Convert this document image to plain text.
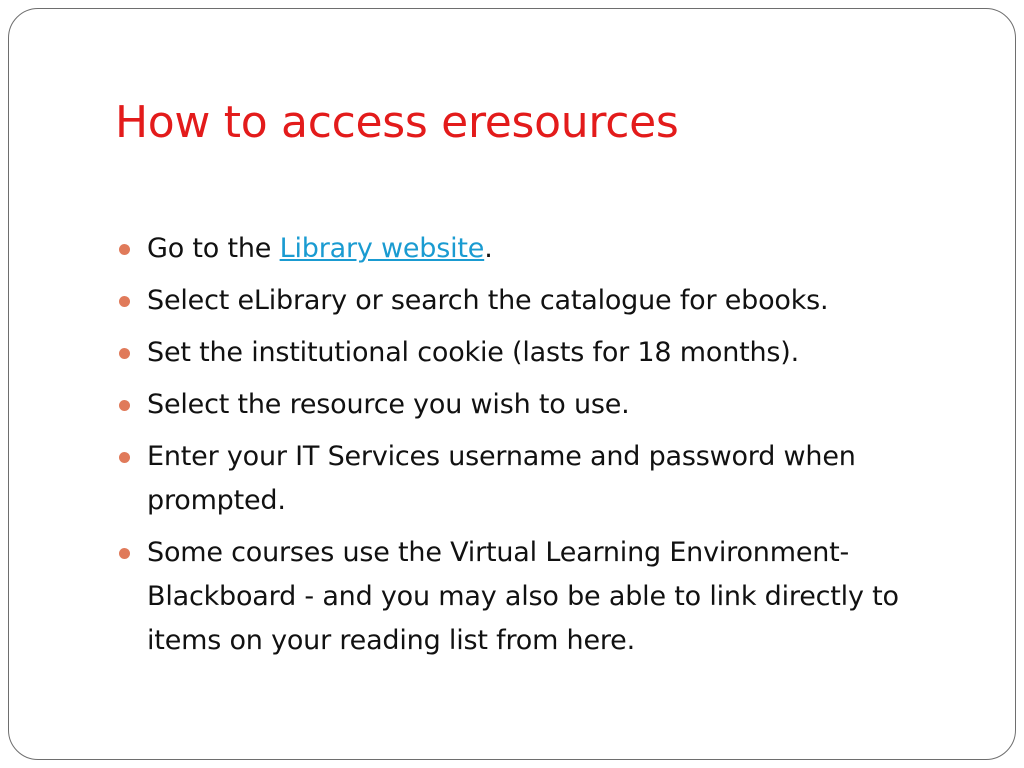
How to access eresources
Go to the Library website.
Select eLibrary or search the catalogue for ebooks.
Set the institutional cookie (lasts for 18 months).
Select the resource you wish to use.
Enter your IT Services username and password when prompted.
Some courses use the Virtual Learning Environment- Blackboard - and you may also be able to link directly to items on your reading list from here.
